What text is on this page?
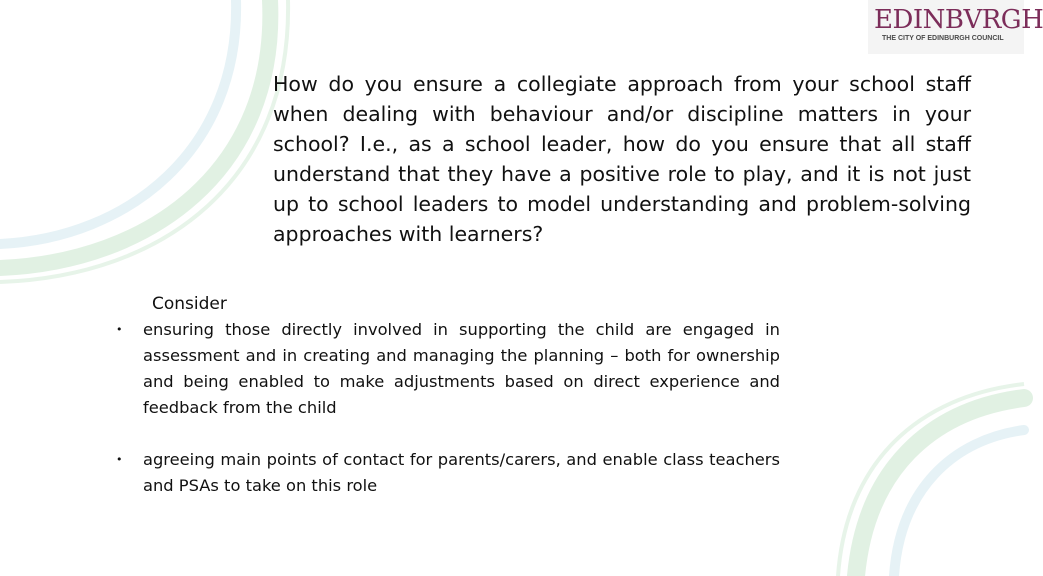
EDINBVRGH
THE CITY OF EDINBURGH COUNCIL

How do you ensure a collegiate approach from your school staff when dealing with behaviour and/or discipline matters in your school? I.e., as a school leader, how do you ensure that all staff understand that they have a positive role to play, and it is not just up to school leaders to model understanding and problem-solving approaches with learners?

Consider

• ensuring those directly involved in supporting the child are engaged in assessment and in creating and managing the planning – both for ownership and being enabled to make adjustments based on direct experience and feedback from the child
• agreeing main points of contact for parents/carers, and enable class teachers and PSAs to take on this role
